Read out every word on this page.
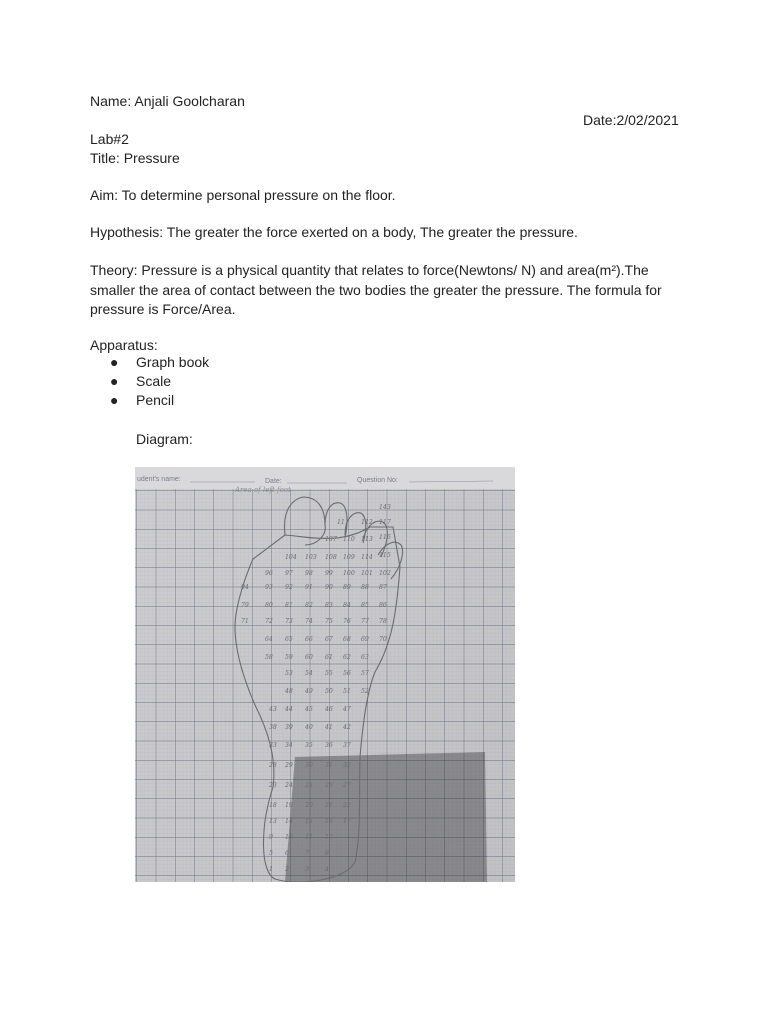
Name: Anjali Goolcharan
Date:2/02/2021
Lab#2
Title: Pressure
Aim: To determine personal pressure on the floor.
Hypothesis: The greater the force exerted on a body, The greater the pressure.
Theory: Pressure is a physical quantity that relates to force(Newtons/ N) and area(m²).The smaller the area of contact between the two bodies the greater the pressure. The formula for pressure is Force/Area.
Apparatus:
● Graph book
● Scale
● Pencil
Diagram:
udent's name:	Date:	Question No:
Area of left foot
143
117
112
111
116
113
110
107
115
114
109
108
103
104
102
101
100
99
98
97
96
87
88
89
90
91
92
93
94
86
85
84
83
82
81
80
79
78
77
76
75
74
73
72
71
70
69
68
67
66
65
64
63
62
61
60
59
58
57
56
55
54
53
52
51
50
49
48
47
46
45
44
43
42
41
40
39
38
37
36
35
34
33
32
31
30
29
28
27
26
25
24
23
22
21
20
19
18
17
16
15
14
13
12
11
10
9
8
7
6
5
4
3
2
1
